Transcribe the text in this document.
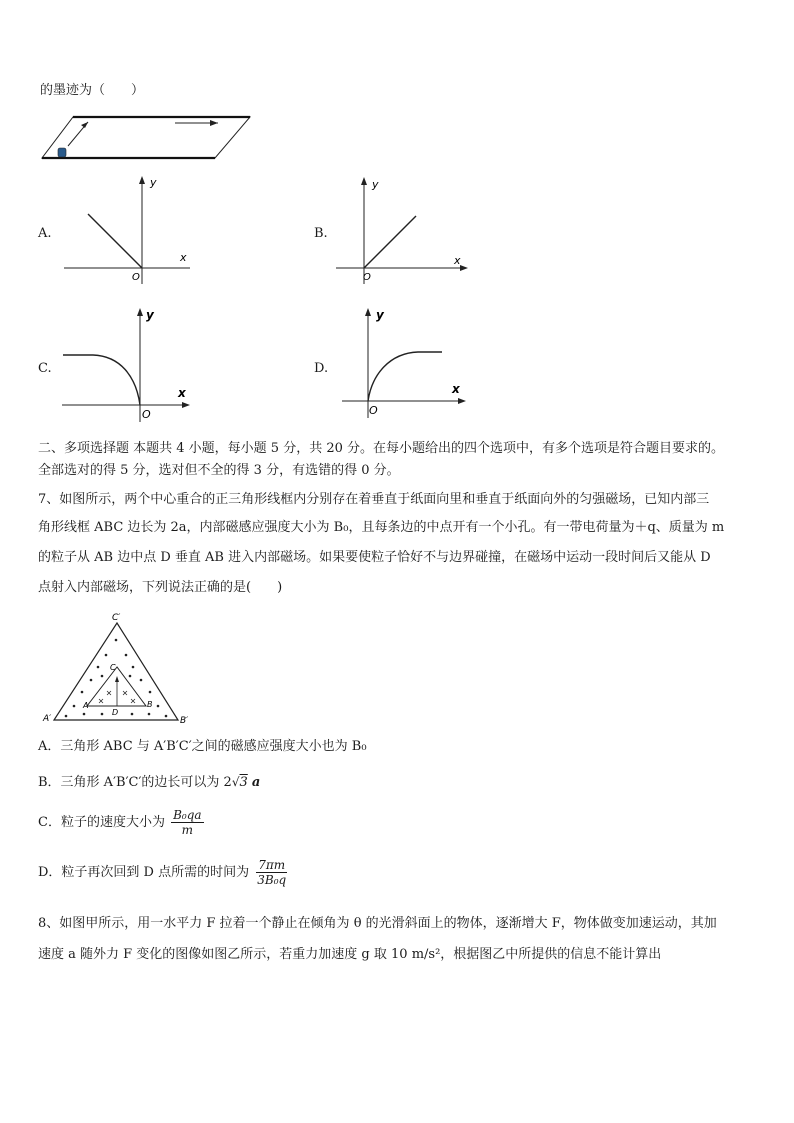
的墨迹为（　　）
A.
y
x
O
B.
y
x
O
C.
y
x
O
D.
y
x
O
二、多项选择题 本题共 4 小题，每小题 5 分，共 20 分。在每小题给出的四个选项中，有多个选项是符合题目要求的。
全部选对的得 5 分，选对但不全的得 3 分，有选错的得 0 分。
7、如图所示，两个中心重合的正三角形线框内分别存在着垂直于纸面向里和垂直于纸面向外的匀强磁场，已知内部三
角形线框 ABC 边长为 2a，内部磁感应强度大小为 B₀，且每条边的中点开有一个小孔。有一带电荷量为＋q、质量为 m
的粒子从 AB 边中点 D 垂直 AB 进入内部磁场。如果要使粒子恰好不与边界碰撞，在磁场中运动一段时间后又能从 D
点射入内部磁场，下列说法正确的是(　　)
C′
A′	B′
C
A	B
D
A．三角形 ABC 与 A′B′C′之间的磁感应强度大小也为 B₀
B．三角形 A′B′C′的边长可以为 2√3 a
C．粒子的速度大小为 $\frac{\text{B₀qa}}{m}$
D．粒子再次回到 D 点所需的时间为 $\frac{7\pi m}{\text{3B₀q}}$
8、如图甲所示，用一水平力 F 拉着一个静止在倾角为 θ 的光滑斜面上的物体，逐渐增大 F，物体做变加速运动，其加
速度 a 随外力 F 变化的图像如图乙所示，若重力加速度 g 取 10 m/s²，根据图乙中所提供的信息不能计算出
